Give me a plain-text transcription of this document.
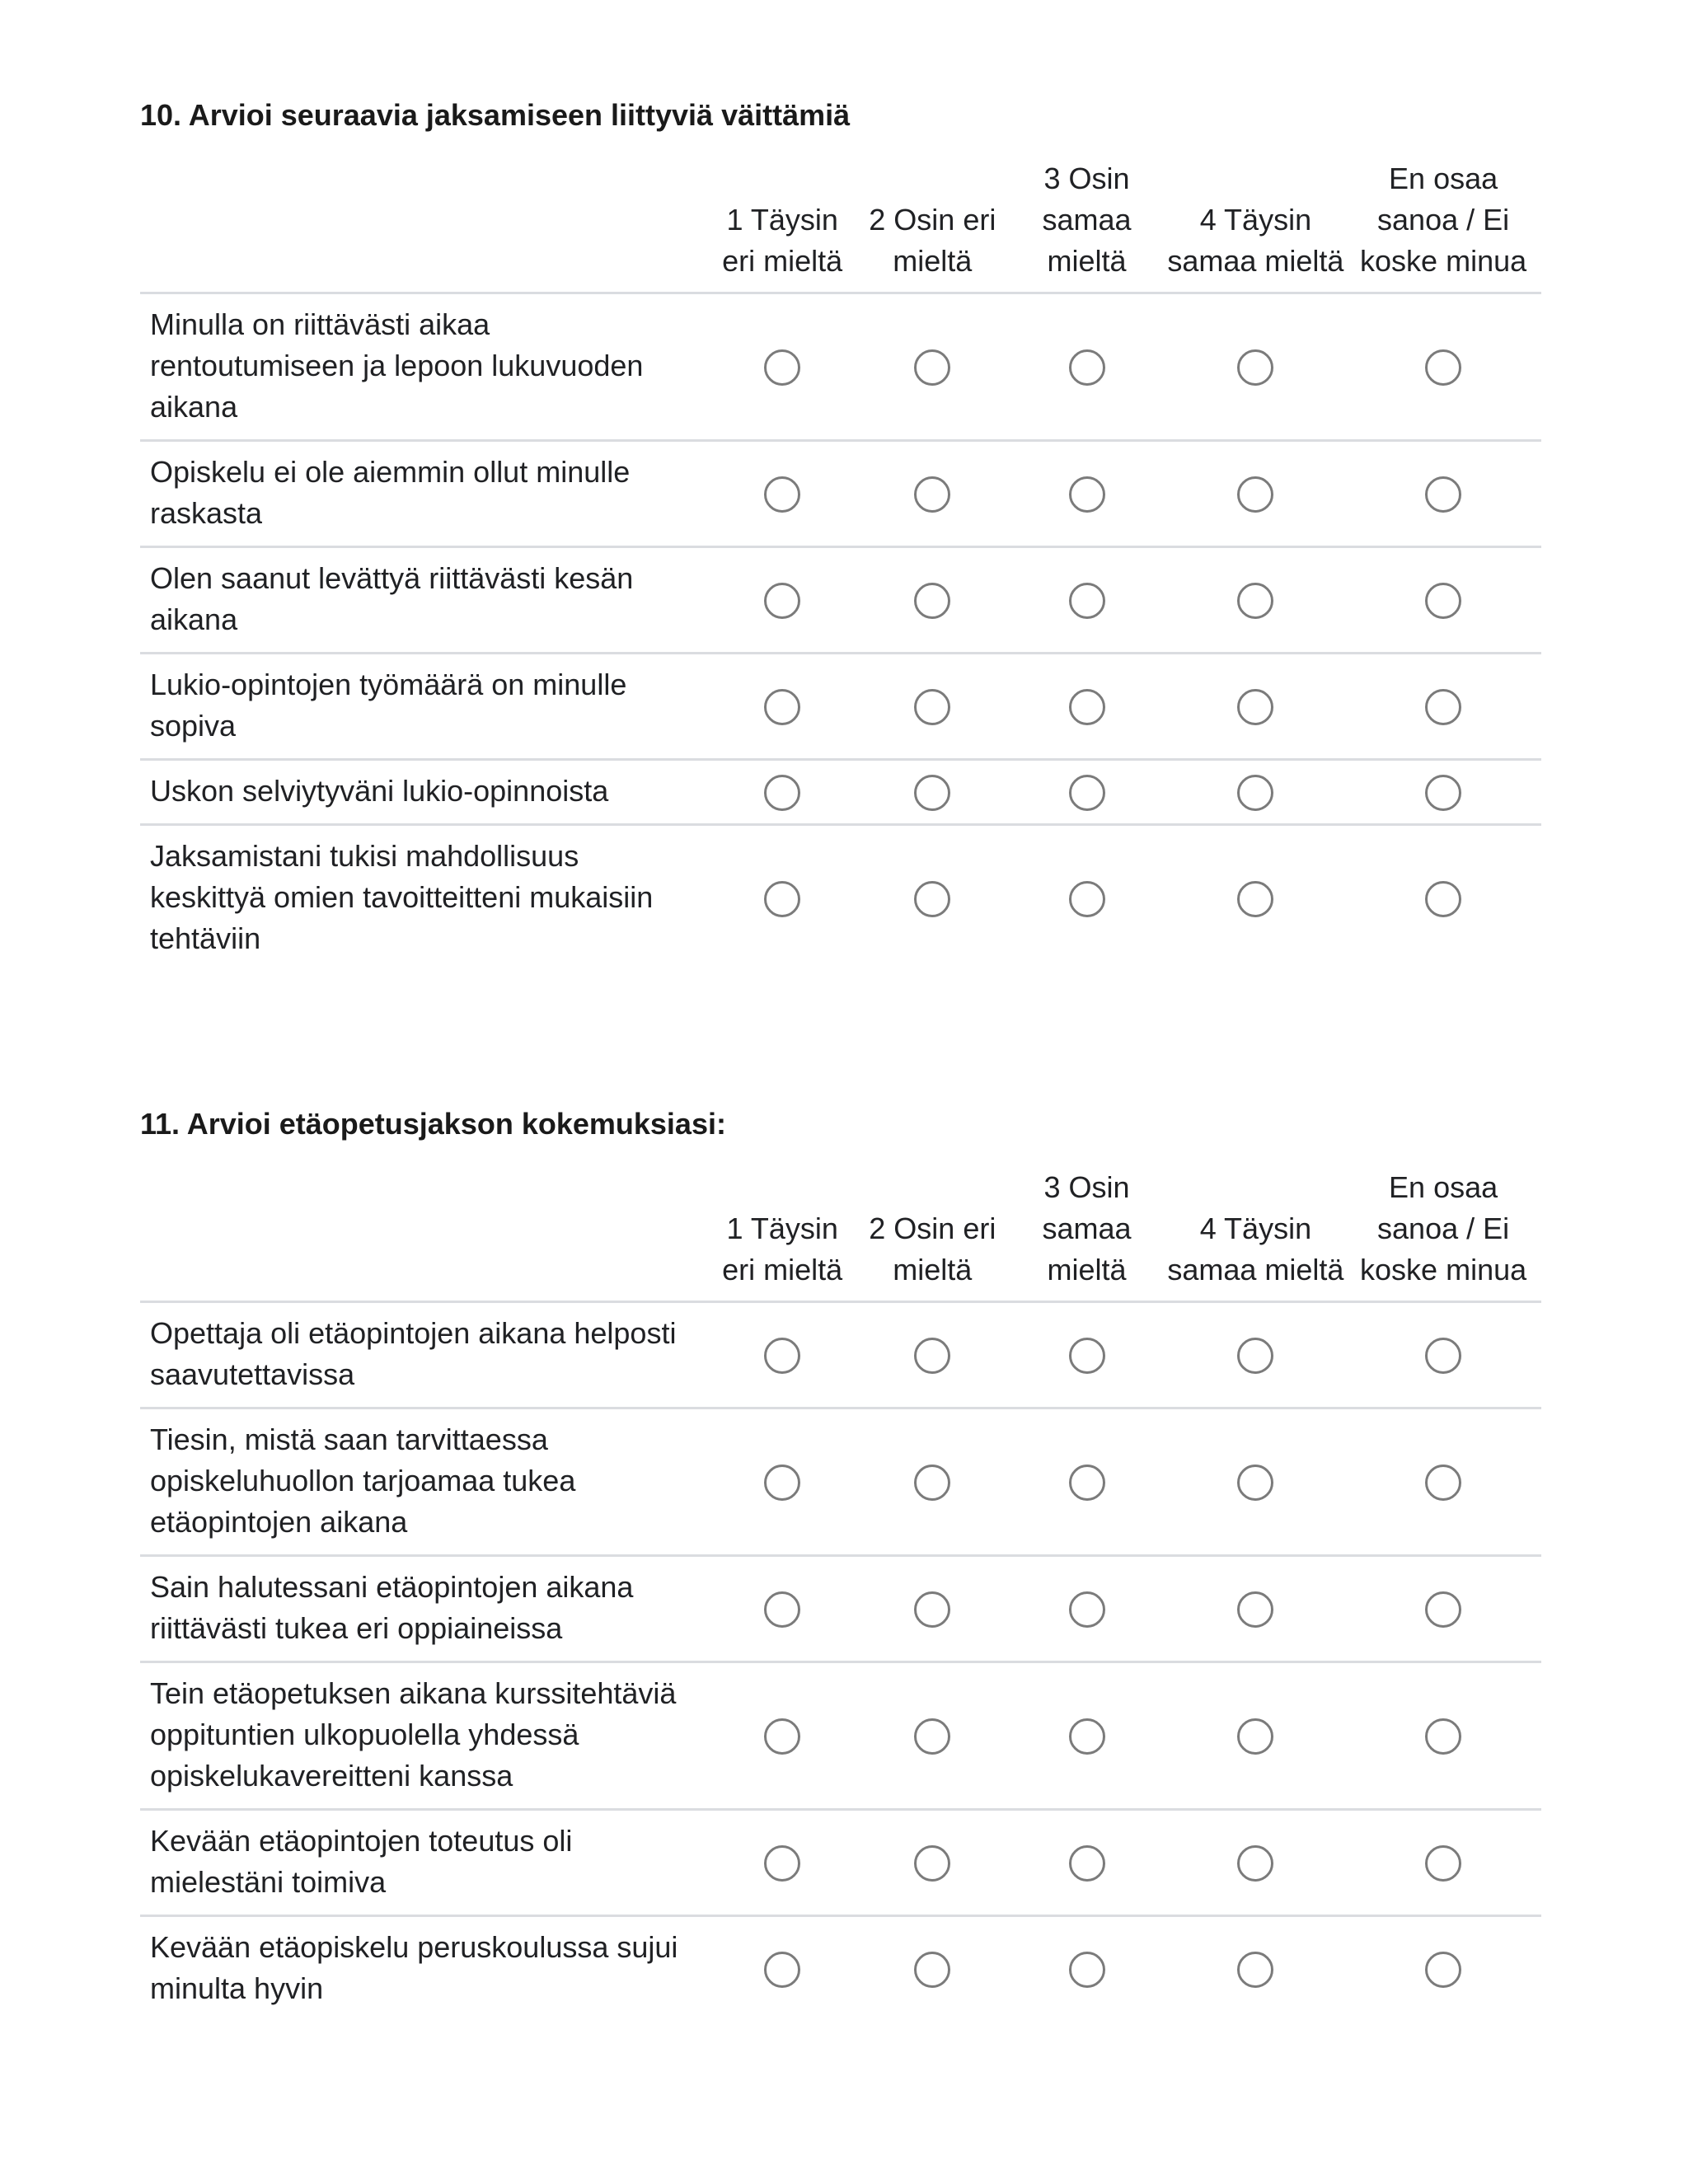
10. Arvioi seuraavia jaksamiseen liittyviä väittämiä
	1 Täysin eri mieltä	2 Osin eri mieltä	3 Osin samaa mieltä	4 Täysin samaa mieltä	En osaa sanoa / Ei koske minua
Minulla on riittävästi aikaa rentoutumiseen ja lepoon lukuvuoden aikana					
Opiskelu ei ole aiemmin ollut minulle raskasta					
Olen saanut levättyä riittävästi kesän aikana					
Lukio-opintojen työmäärä on minulle sopiva					
Uskon selviytyväni lukio-opinnoista					
Jaksamistani tukisi mahdollisuus keskittyä omien tavoitteitteni mukaisiin tehtäviin					
11. Arvioi etäopetusjakson kokemuksiasi:
	1 Täysin eri mieltä	2 Osin eri mieltä	3 Osin samaa mieltä	4 Täysin samaa mieltä	En osaa sanoa / Ei koske minua
Opettaja oli etäopintojen aikana helposti saavutettavissa					
Tiesin, mistä saan tarvittaessa opiskeluhuollon tarjoamaa tukea etäopintojen aikana					
Sain halutessani etäopintojen aikana riittävästi tukea eri oppiaineissa					
Tein etäopetuksen aikana kurssitehtäviä oppituntien ulkopuolella yhdessä opiskelukavereitteni kanssa					
Kevään etäopintojen toteutus oli mielestäni toimiva					
Kevään etäopiskelu peruskoulussa sujui minulta hyvin					
